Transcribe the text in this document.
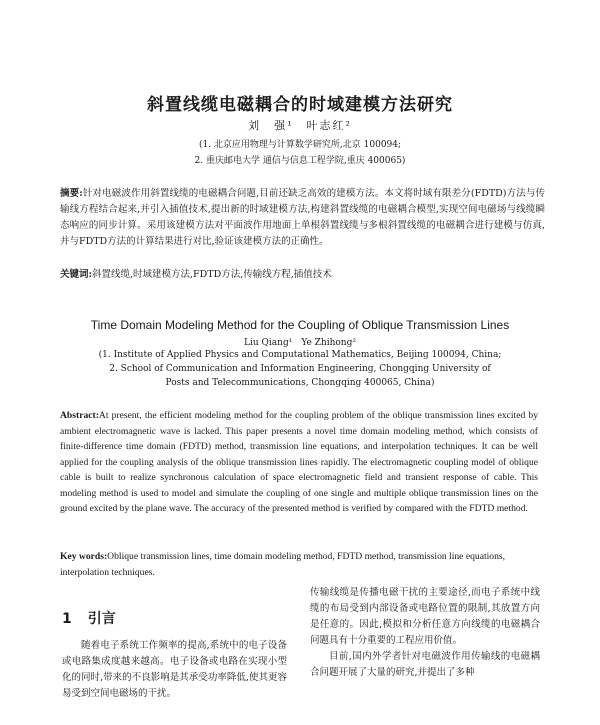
斜置线缆电磁耦合的时域建模方法研究
刘　强¹　叶志红²
(1. 北京应用物理与计算数学研究所,北京 100094;
2. 重庆邮电大学 通信与信息工程学院,重庆 400065)
摘要:针对电磁波作用斜置线缆的电磁耦合问题,目前还缺乏高效的建模方法。本文将时域有限差分(FDTD)方法与传输线方程结合起来,并引入插值技术,提出新的时域建模方法,构建斜置线缆的电磁耦合模型,实现空间电磁场与线缆瞬态响应的同步计算。采用该建模方法对平面波作用地面上单根斜置线缆与多根斜置线缆的电磁耦合进行建模与仿真,并与FDTD方法的计算结果进行对比,验证该建模方法的正确性。
关键词:斜置线缆,时域建模方法,FDTD方法,传输线方程,插值技术
Time Domain Modeling Method for the Coupling of Oblique Transmission Lines
Liu Qiang¹　Ye Zhihong²
(1. Institute of Applied Physics and Computational Mathematics, Beijing 100094, China;
2. School of Communication and Information Engineering, Chongqing University of
Posts and Telecommunications, Chongqing 400065, China)
Abstract:At present, the efficient modeling method for the coupling problem of the oblique transmission lines excited by ambient electromagnetic wave is lacked. This paper presents a novel time domain modeling method, which consists of finite-difference time domain (FDTD) method, transmission line equations, and interpolation techniques. It can be well applied for the coupling analysis of the oblique transmission lines rapidly. The electromagnetic coupling model of oblique cable is built to realize synchronous calculation of space electromagnetic field and transient response of cable. This modeling method is used to model and simulate the coupling of one single and multiple oblique transmission lines on the ground excited by the plane wave. The accuracy of the presented method is verified by compared with the FDTD method.
Key words:Oblique transmission lines, time domain modeling method, FDTD method, transmission line equations, interpolation techniques.
1 引言
随着电子系统工作频率的提高,系统中的电子设备或电路集成度越来越高。电子设备或电路在实现小型化的同时,带来的不良影响是其承受功率降低,使其更容易受到空间电磁场的干扰。

传输线缆是传播电磁干扰的主要途径,而电子系统中线缆的布局受到内部设备或电路位置的限制,其放置方向是任意的。因此,模拟和分析任意方向线缆的电磁耦合问题具有十分重要的工程应用价值。

目前,国内外学者针对电磁波作用传输线的电磁耦合问题开展了大量的研究,并提出了多种
